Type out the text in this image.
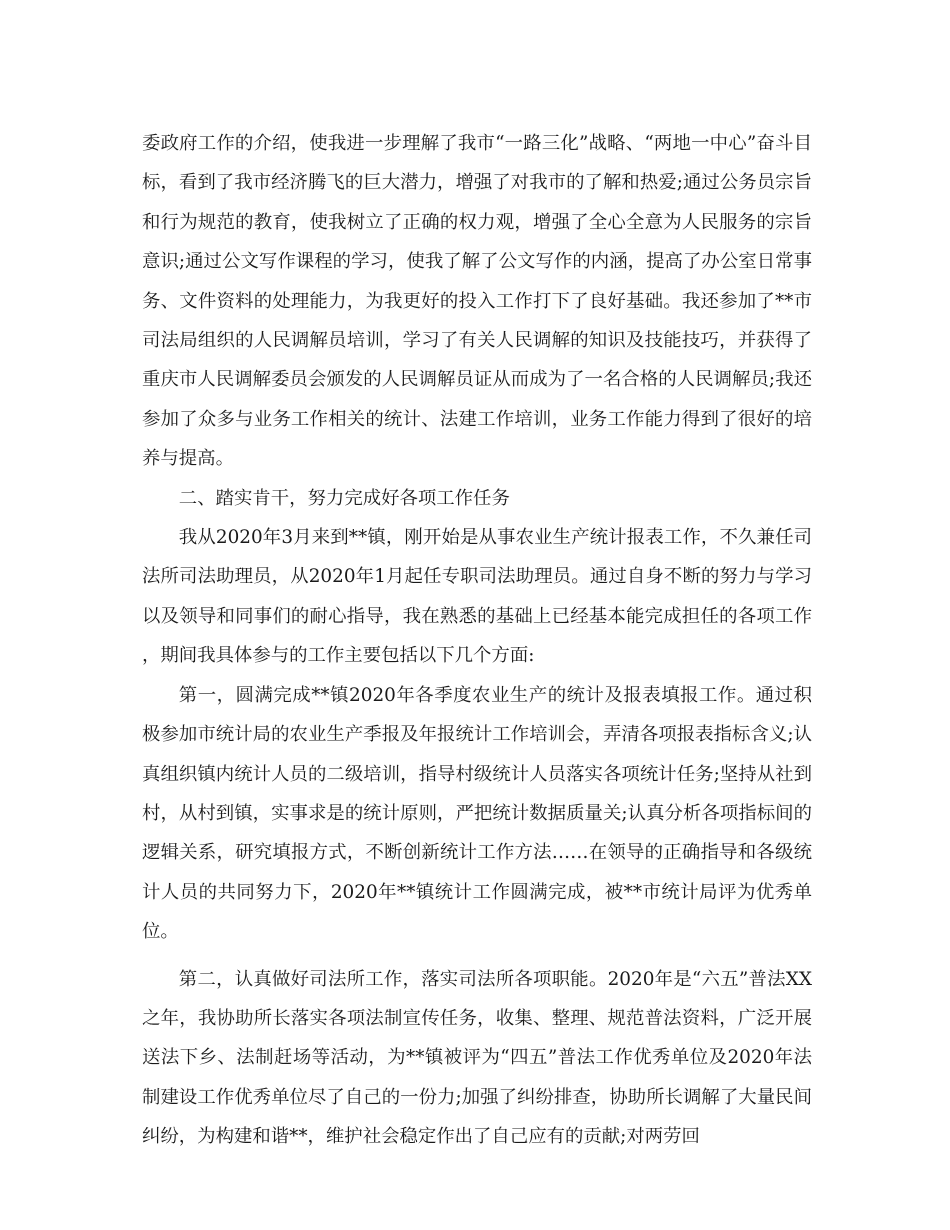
委政府工作的介绍，使我进一步理解了我市“一路三化”战略、“两地一中心”奋斗目标，看到了我市经济腾飞的巨大潜力，增强了对我市的了解和热爱;通过公务员宗旨和行为规范的教育，使我树立了正确的权力观，增强了全心全意为人民服务的宗旨意识;通过公文写作课程的学习，使我了解了公文写作的内涵，提高了办公室日常事务、文件资料的处理能力，为我更好的投入工作打下了良好基础。我还参加了**市司法局组织的人民调解员培训，学习了有关人民调解的知识及技能技巧，并获得了重庆市人民调解委员会颁发的人民调解员证从而成为了一名合格的人民调解员;我还参加了众多与业务工作相关的统计、法建工作培训，业务工作能力得到了很好的培养与提高。

二、踏实肯干，努力完成好各项工作任务

我从2020年3月来到**镇，刚开始是从事农业生产统计报表工作，不久兼任司法所司法助理员，从2020年1月起任专职司法助理员。通过自身不断的努力与学习以及领导和同事们的耐心指导，我在熟悉的基础上已经基本能完成担任的各项工作，期间我具体参与的工作主要包括以下几个方面:

第一，圆满完成**镇2020年各季度农业生产的统计及报表填报工作。通过积极参加市统计局的农业生产季报及年报统计工作培训会，弄清各项报表指标含义;认真组织镇内统计人员的二级培训，指导村级统计人员落实各项统计任务;坚持从社到村，从村到镇，实事求是的统计原则，严把统计数据质量关;认真分析各项指标间的逻辑关系，研究填报方式，不断创新统计工作方法……在领导的正确指导和各级统计人员的共同努力下，2020年**镇统计工作圆满完成，被**市统计局评为优秀单位。

第二，认真做好司法所工作，落实司法所各项职能。2020年是“六五”普法XX之年，我协助所长落实各项法制宣传任务，收集、整理、规范普法资料，广泛开展送法下乡、法制赶场等活动，为**镇被评为“四五”普法工作优秀单位及2020年法制建设工作优秀单位尽了自己的一份力;加强了纠纷排查，协助所长调解了大量民间纠纷，为构建和谐**，维护社会稳定作出了自己应有的贡献;对两劳回
